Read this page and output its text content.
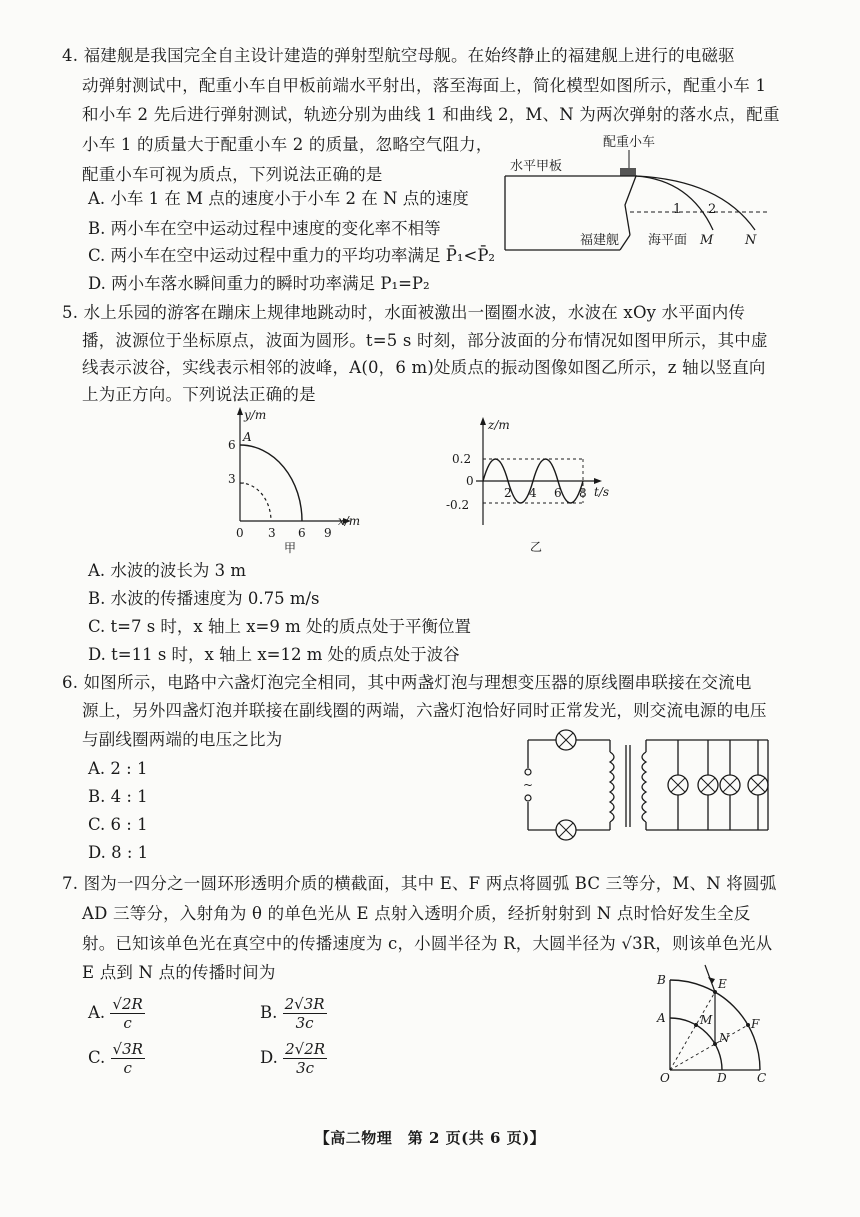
4. 福建舰是我国完全自主设计建造的弹射型航空母舰。在始终静止的福建舰上进行的电磁驱
动弹射测试中，配重小车自甲板前端水平射出，落至海面上，简化模型如图所示，配重小车 1
和小车 2 先后进行弹射测试，轨迹分别为曲线 1 和曲线 2，M、N 为两次弹射的落水点，配重
小车 1 的质量大于配重小车 2 的质量，忽略空气阻力，
配重小车可视为质点，下列说法正确的是
A. 小车 1 在 M 点的速度小于小车 2 在 N 点的速度
B. 两小车在空中运动过程中速度的变化率不相等
C. 两小车在空中运动过程中重力的平均功率满足 P̄₁<P̄₂
D. 两小车落水瞬间重力的瞬时功率满足 P₁=P₂
配重小车
水平甲板
1 2
福建舰 海平面 M N
5. 水上乐园的游客在蹦床上规律地跳动时，水面被激出一圈圈水波，水波在 xOy 水平面内传
播，波源位于坐标原点，波面为圆形。t=5 s 时刻，部分波面的分布情况如图甲所示，其中虚
线表示波谷，实线表示相邻的波峰，A(0，6 m)处质点的振动图像如图乙所示，z 轴以竖直向
上为正方向。下列说法正确的是
y/m
x/m
A
6
3
0 3 6 9
甲
z/m
t/s
0.2
0
-0.2
2 4 6 8
乙
A. 水波的波长为 3 m
B. 水波的传播速度为 0.75 m/s
C. t=7 s 时，x 轴上 x=9 m 处的质点处于平衡位置
D. t=11 s 时，x 轴上 x=12 m 处的质点处于波谷
6. 如图所示，电路中六盏灯泡完全相同，其中两盏灯泡与理想变压器的原线圈串联接在交流电
源上，另外四盏灯泡并联接在副线圈的两端，六盏灯泡恰好同时正常发光，则交流电源的电压
与副线圈两端的电压之比为
A. 2 : 1
B. 4 : 1
C. 6 : 1
D. 8 : 1
~
7. 图为一四分之一圆环形透明介质的横截面，其中 E、F 两点将圆弧 BC 三等分，M、N 将圆弧
AD 三等分，入射角为 θ 的单色光从 E 点射入透明介质，经折射射到 N 点时恰好发生全反
射。已知该单色光在真空中的传播速度为 c，小圆半径为 R，大圆半径为 √3R，则该单色光从
E 点到 N 点的传播时间为
A. $\frac{√2R}{c}$	B. $\frac{2√3R}{3c}$
C. $\frac{√3R}{c}$	D. $\frac{2√2R}{3c}$
B	E
F
A	M
N
O	D	C
【高二物理　第 2 页(共 6 页)】
